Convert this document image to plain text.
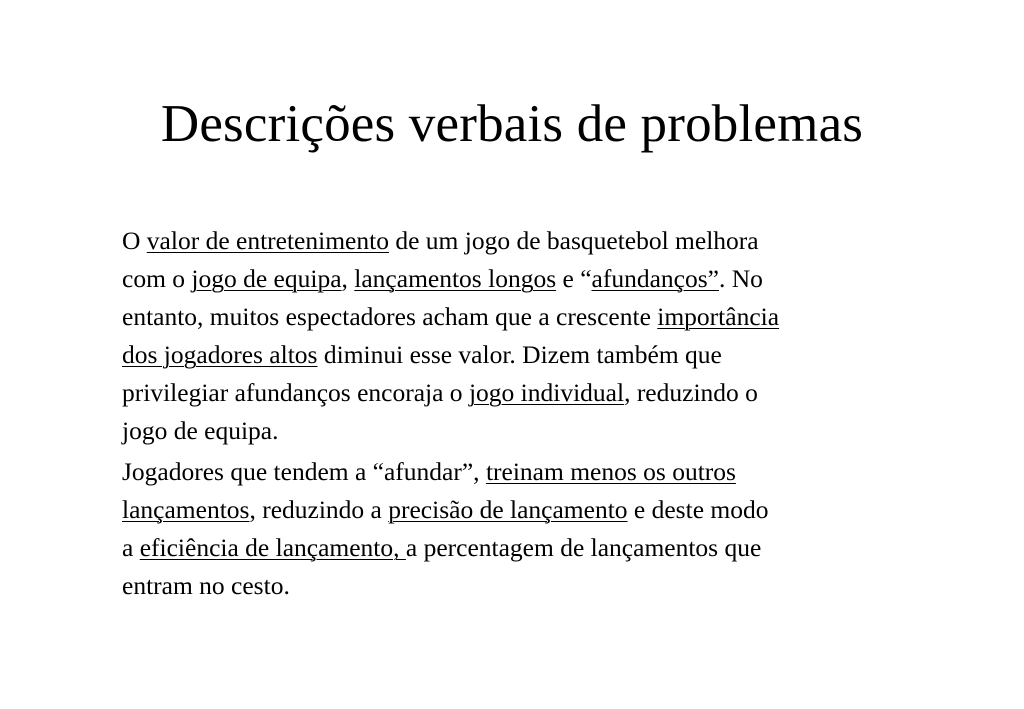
Descrições verbais de problemas

O valor de entretenimento de um jogo de basquetebol melhora
com o jogo de equipa, lançamentos longos e “afundanços”. No
entanto, muitos espectadores acham que a crescente importância
dos jogadores altos diminui esse valor. Dizem também que
privilegiar afundanços encoraja o jogo individual, reduzindo o
jogo de equipa.

Jogadores que tendem a “afundar”, treinam menos os outros
lançamentos, reduzindo a precisão de lançamento e deste modo
a eficiência de lançamento, a percentagem de lançamentos que
entram no cesto.
